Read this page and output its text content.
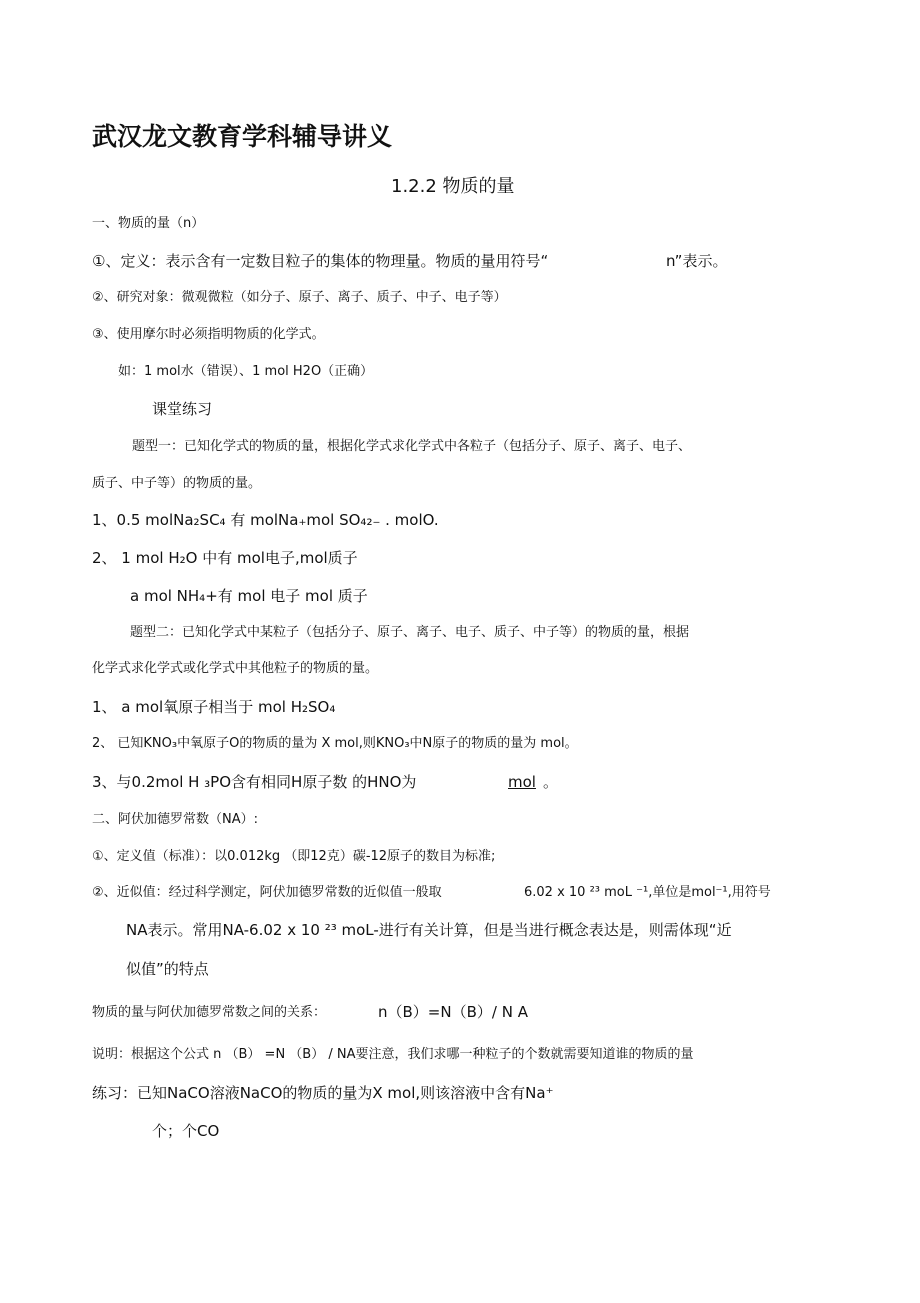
武汉龙文教育学科辅导讲义
1.2.2 物质的量
一、物质的量（n）
①、定义：表示含有一定数目粒子的集体的物理量。物质的量用符号“	n”表示。
②、研究对象：微观微粒（如分子、原子、离子、质子、中子、电子等）
③、使用摩尔时必须指明物质的化学式。
如：1 mol水（错误）、1 mol H2O（正确）
课堂练习
题型一：已知化学式的物质的量，根据化学式求化学式中各粒子（包括分子、原子、离子、电子、
质子、中子等）的物质的量。
1、0.5 molNa₂SC₄ 有 molNa₊mol SO₄₂₋ . molO.
2、 1 mol H₂O 中有 mol电子,mol质子
a mol NH₄+有 mol 电子 mol 质子
题型二：已知化学式中某粒子（包括分子、原子、离子、电子、质子、中子等）的物质的量，根据
化学式求化学式或化学式中其他粒子的物质的量。
1、 a mol氧原子相当于 mol H₂SO₄
2、 已知KNO₃中氧原子O的物质的量为 X mol,则KNO₃中N原子的物质的量为 mol。
3、与0.2mol H ₃PO含有相同H原子数 的HNO为	mol 。
二、阿伏加德罗常数（NA）:
①、定义值（标准）：以0.012kg （即12克）碳-12原子的数目为标准;
②、近似值：经过科学测定，阿伏加德罗常数的近似值一般取	6.02 x 10 ²³ moL ⁻¹,单位是mol⁻¹,用符号
NA表示。常用NA-6.02 x 10 ²³ moL-进行有关计算，但是当进行概念表达是，则需体现“近
似值”的特点
物质的量与阿伏加德罗常数之间的关系：	n（B）=N（B）/ N A
说明：根据这个公式 n （B） =N （B） / NA要注意，我们求哪一种粒子的个数就需要知道谁的物质的量
练习：已知NaCO溶液NaCO的物质的量为X mol,则该溶液中含有Na⁺
个；个CO
